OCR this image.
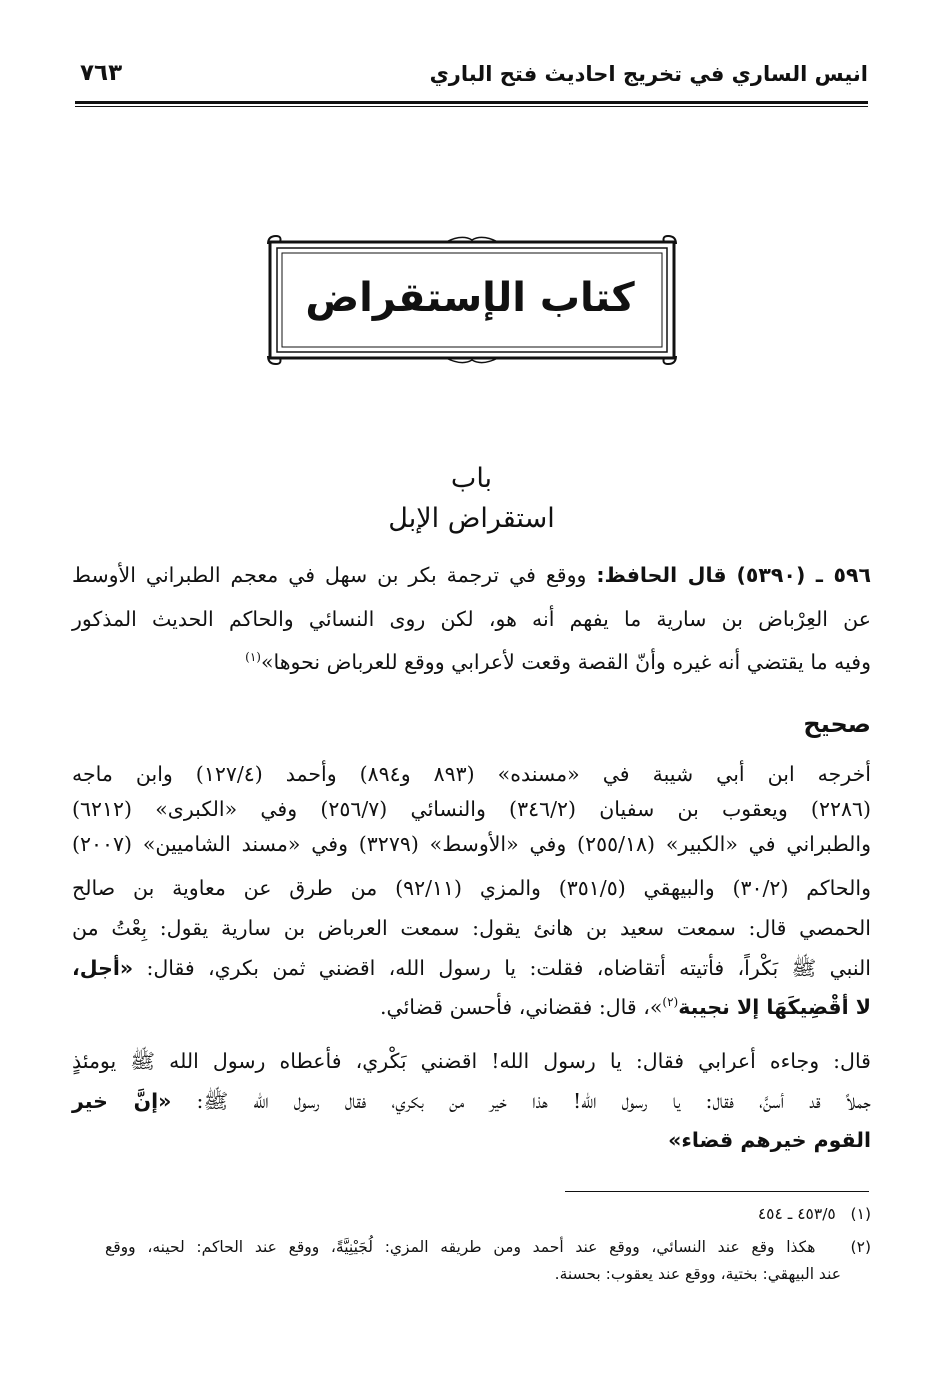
انيس الساري في تخريج احاديث فتح الباري
٧٦٣
كتاب الإستقراض
باب
استقراض الإبل
٥٩٦ ـ (٥٣٩٠) قال الحافظ: ووقع في ترجمة بكر بن سهل في معجم الطبراني الأوسط
عن العِرْباض بن سارية ما يفهم أنه هو، لكن روى النسائي والحاكم الحديث المذكور
وفيه ما يقتضي أنه غيره وأنّ القصة وقعت لأعرابي ووقع للعرباض نحوها»$^{(١)}$
صحيح
أخرجه ابن أبي شيبة في «مسنده» (٨٩٣ و٨٩٤) وأحمد (١٢٧/٤) وابن ماجه
(٢٢٨٦) ويعقوب بن سفيان (٣٤٦/٢) والنسائي (٢٥٦/٧) وفي «الكبرى» (٦٢١٢)
والطبراني في «الكبير» (٢٥٥/١٨) وفي «الأوسط» (٣٢٧٩) وفي «مسند الشاميين» (٢٠٠٧)
والحاكم (٣٠/٢) والبيهقي (٣٥١/٥) والمزي (٩٢/١١) من طرق عن معاوية بن صالح
الحمصي قال: سمعت سعيد بن هانئ يقول: سمعت العرباض بن سارية يقول: بِعْتُ من
النبي ﷺ بَكْراً، فأتيته أتقاضاه، فقلت: يا رسول الله، اقضني ثمن بكري، فقال: «أجل،
لا أقْضِيكَهَا إلا نجيبة$^{(٢)}$»، قال: فقضاني، فأحسن قضائي.
قال: وجاءه أعرابي فقال: يا رسول الله! اقضني بَكْري، فأعطاه رسول الله ﷺ يومئذٍ
جملاً قد أسنَّ، فقال: يا رسول الله! هذا خير من بكري، فقال رسول الله ﷺ: «إنَّ خير
القوم خيرهم قضاء»
(١)   ٤٥٣/٥ ـ ٤٥٤
(٢)   هكذا وقع عند النسائي، ووقع عند أحمد ومن طريقه المزي: لُجَيْنِيَّةً، ووقع عند الحاكم: لحينه، ووقع
عند البيهقي: بختية، ووقع عند يعقوب: بحسنة.
